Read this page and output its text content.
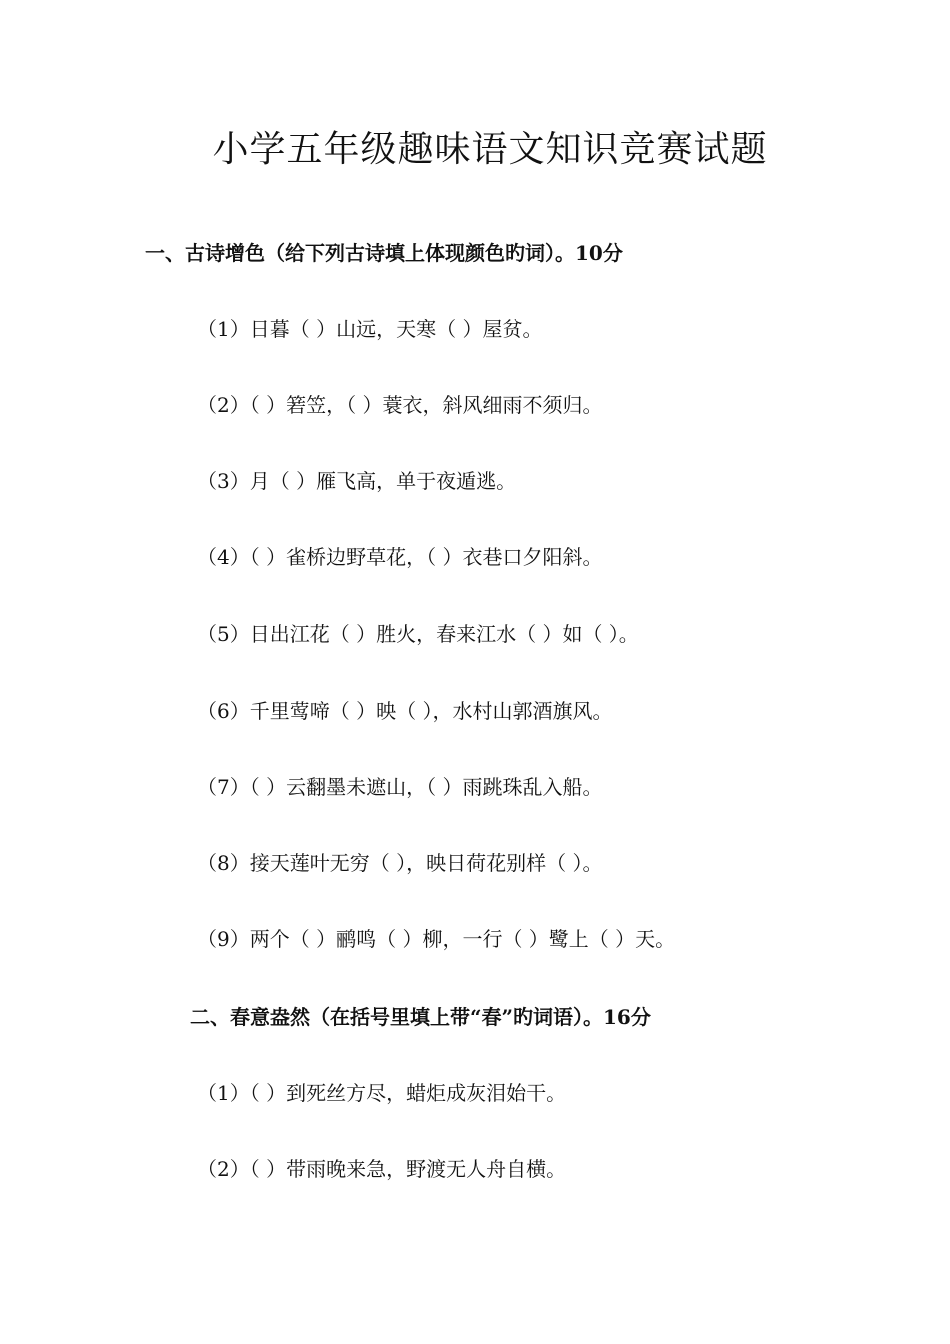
小学五年级趣味语文知识竞赛试题

一、古诗增色（给下列古诗填上体现颜色旳词）。10分

（1）日暮（ ）山远，天寒（ ）屋贫。

（2）（ ）箬笠，（ ）蓑衣，斜风细雨不须归。

（3）月（ ）雁飞高，单于夜遁逃。

（4）（ ）雀桥边野草花，（ ）衣巷口夕阳斜。

（5）日出江花（ ）胜火，春来江水（ ）如（ ）。

（6）千里莺啼（ ）映（ ），水村山郭酒旗风。

（7）（ ）云翻墨未遮山，（ ）雨跳珠乱入船。

（8）接天莲叶无穷（ ），映日荷花别样（ ）。

（9）两个（ ）鹂鸣（ ）柳，一行（ ）鹭上（ ）天。

二、春意盎然（在括号里填上带“春”旳词语）。16分

（1）（ ）到死丝方尽，蜡炬成灰泪始干。

（2）（ ）带雨晚来急，野渡无人舟自横。
